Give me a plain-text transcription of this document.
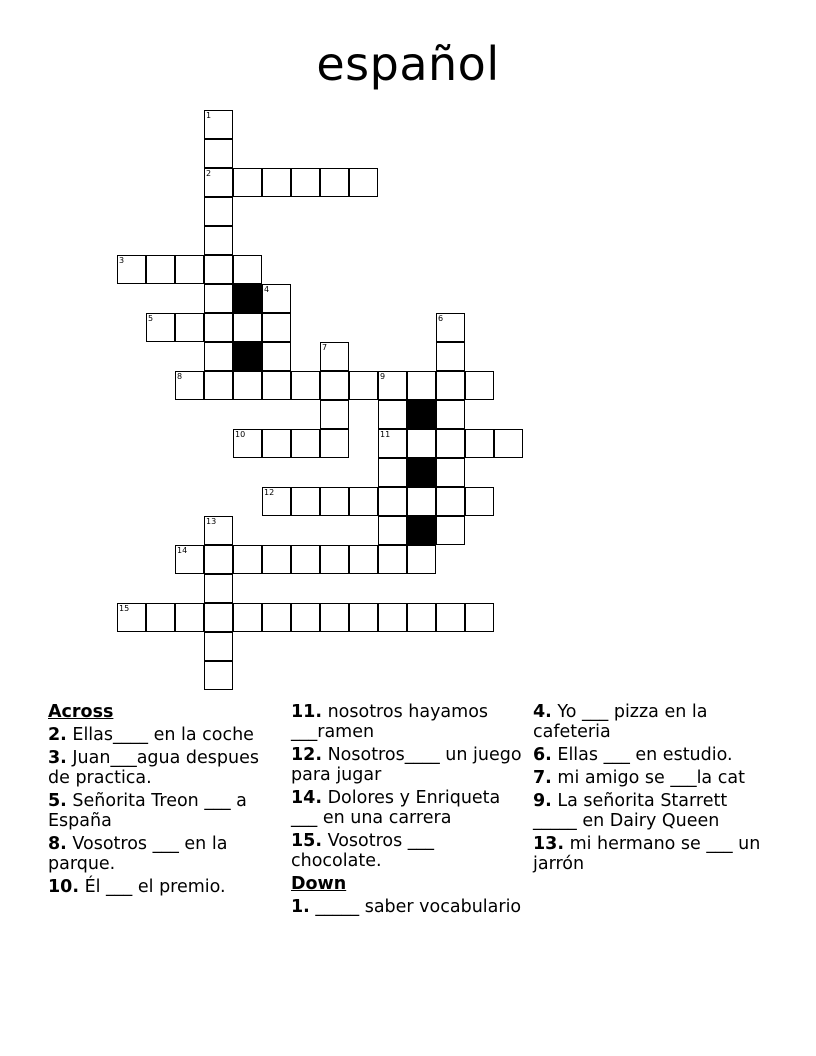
español
1
2
3
4
5	6
7
8	9
10	11
12
13
14
15
Across
2. Ellas____ en la coche
3. Juan___agua despues de practica.
5. Señorita Treon ___ a España
8. Vosotros ___ en la parque.
10. Él ___ el premio.
11. nosotros hayamos ___ramen
12. Nosotros____ un juego para jugar
14. Dolores y Enriqueta ___ en una carrera
15. Vosotros ___ chocolate.
Down
1. _____ saber vocabulario
4. Yo ___ pizza en la cafeteria
6. Ellas ___ en estudio.
7. mi amigo se ___la cat
9. La señorita Starrett _____ en Dairy Queen
13. mi hermano se ___ un jarrón
